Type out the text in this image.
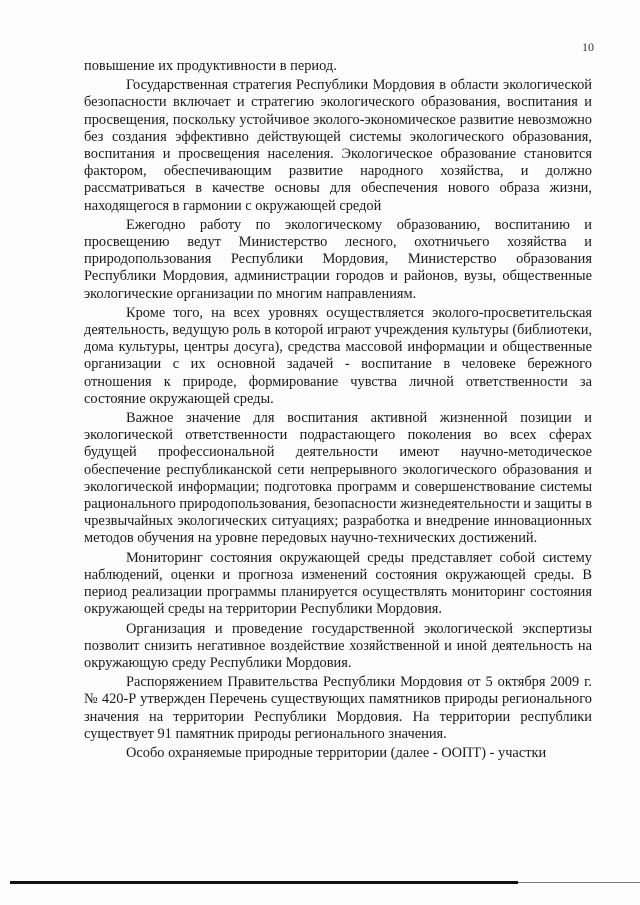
10

повышение их продуктивности в период.

Государственная стратегия Республики Мордовия в области экологической безопасности включает и стратегию экологического образования, воспитания и просвещения, поскольку устойчивое эколого-экономическое развитие невозможно без создания эффективно действующей системы экологического образования, воспитания и просвещения населения. Экологическое образование становится фактором, обеспечивающим развитие народного хозяйства, и должно рассматриваться в качестве основы для обеспечения нового образа жизни, находящегося в гармонии с окружающей средой

Ежегодно работу по экологическому образованию, воспитанию и просвещению ведут Министерство лесного, охотничьего хозяйства и природопользования Республики Мордовия, Министерство образования Республики Мордовия, администрации городов и районов, вузы, общественные экологические организации по многим направлениям.

Кроме того, на всех уровнях осуществляется эколого-просветительская деятельность, ведущую роль в которой играют учреждения культуры (библиотеки, дома культуры, центры досуга), средства массовой информации и общественные организации с их основной задачей - воспитание в человеке бережного отношения к природе, формирование чувства личной ответственности за состояние окружающей среды.

Важное значение для воспитания активной жизненной позиции и экологической ответственности подрастающего поколения во всех сферах будущей профессиональной деятельности имеют научно-методическое обеспечение республиканской сети непрерывного экологического образования и экологической информации; подготовка программ и совершенствование системы рационального природопользования, безопасности жизнедеятельности и защиты в чрезвычайных экологических ситуациях; разработка и внедрение инновационных методов обучения на уровне передовых научно-технических достижений.

Мониторинг состояния окружающей среды представляет собой систему наблюдений, оценки и прогноза изменений состояния окружающей среды. В период реализации программы планируется осуществлять мониторинг состояния окружающей среды на территории Республики Мордовия.

Организация и проведение государственной экологической экспертизы позволит снизить негативное воздействие хозяйственной и иной деятельность на окружающую среду Республики Мордовия.

Распоряжением Правительства Республики Мордовия от 5 октября 2009 г. № 420-Р утвержден Перечень существующих памятников природы регионального значения на территории Республики Мордовия. На территории республики существует 91 памятник природы регионального значения.

Особо охраняемые природные территории (далее - ООПТ) - участки
